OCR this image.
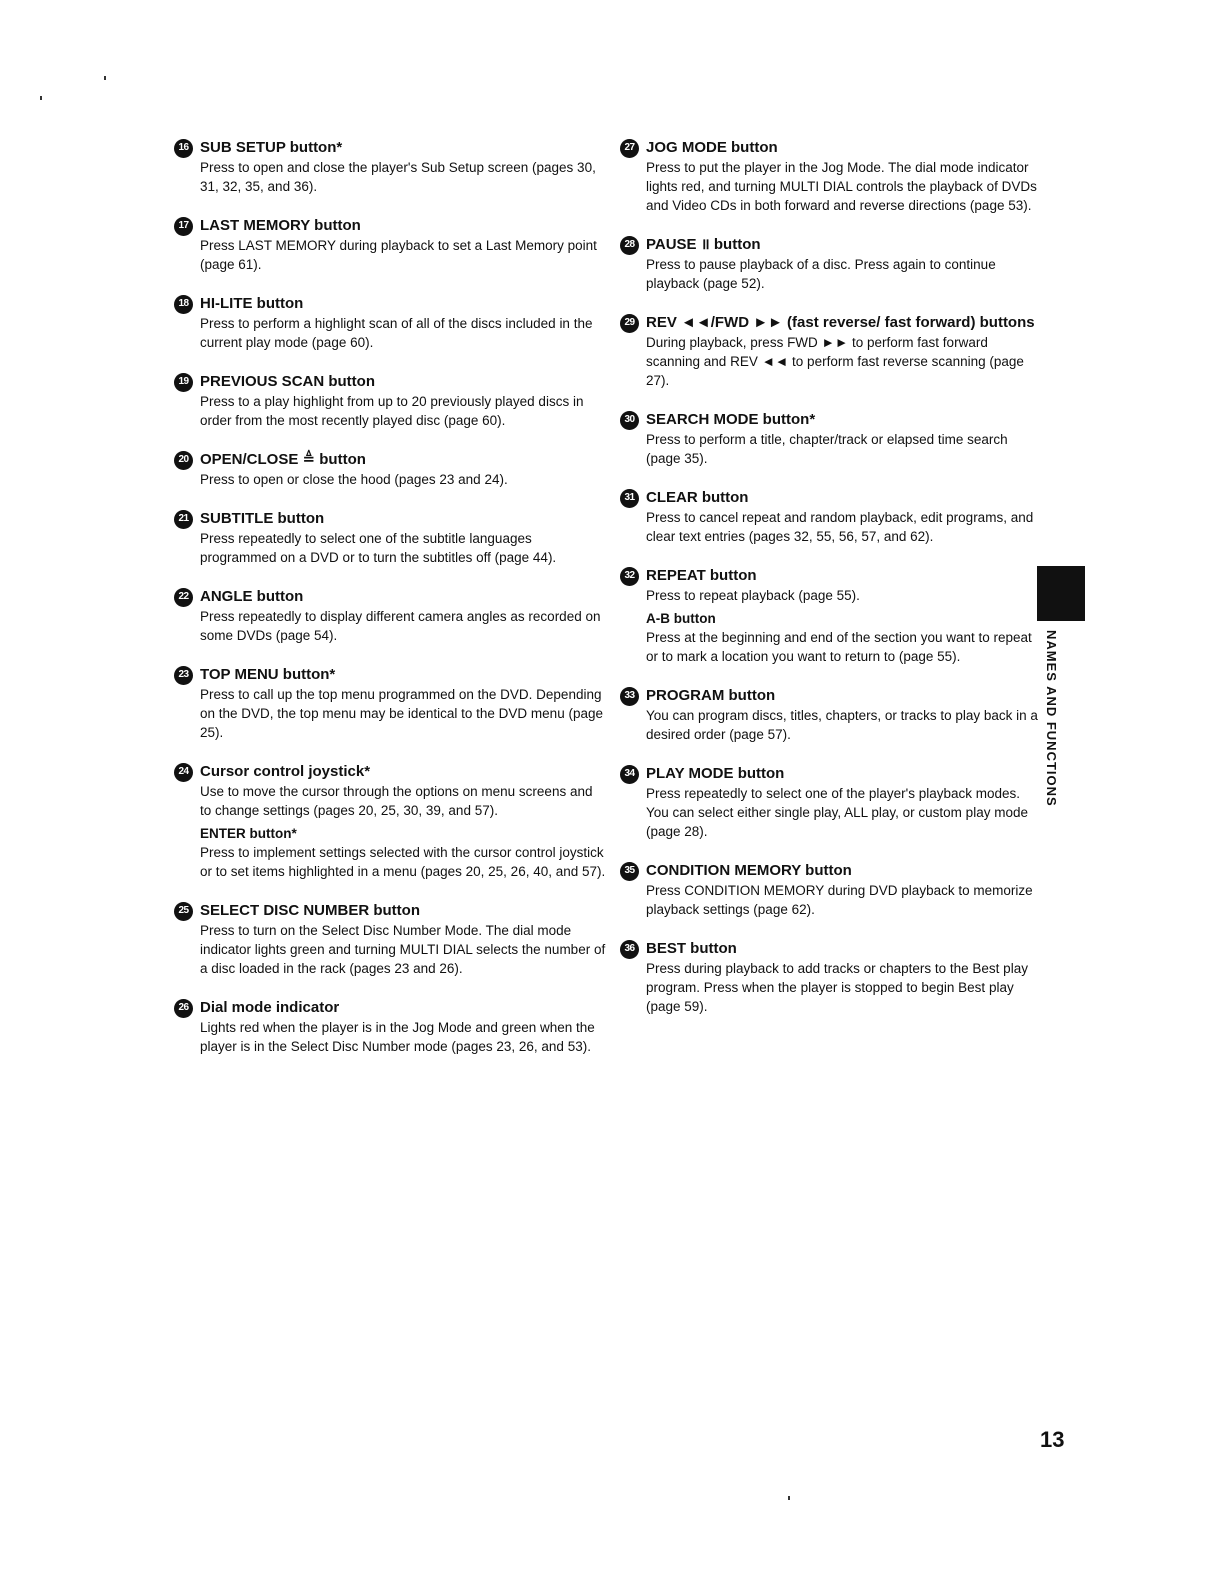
16 SUB SETUP button*
Press to open and close the player's Sub Setup screen (pages 30, 31, 32, 35, and 36).
17 LAST MEMORY button
Press LAST MEMORY during playback to set a Last Memory point (page 61).
18 HI-LITE button
Press to perform a highlight scan of all of the discs included in the current play mode (page 60).
19 PREVIOUS SCAN button
Press to a play highlight from up to 20 previously played discs in order from the most recently played disc (page 60).
20 OPEN/CLOSE ≜ button
Press to open or close the hood (pages 23 and 24).
21 SUBTITLE button
Press repeatedly to select one of the subtitle languages programmed on a DVD or to turn the subtitles off (page 44).
22 ANGLE button
Press repeatedly to display different camera angles as recorded on some DVDs (page 54).
23 TOP MENU button*
Press to call up the top menu programmed on the DVD. Depending on the DVD, the top menu may be identical to the DVD menu (page 25).
24 Cursor control joystick*
Use to move the cursor through the options on menu screens and to change settings (pages 20, 25, 30, 39, and 57).
ENTER button*
Press to implement settings selected with the cursor control joystick or to set items highlighted in a menu (pages 20, 25, 26, 40, and 57).
25 SELECT DISC NUMBER button
Press to turn on the Select Disc Number Mode. The dial mode indicator lights green and turning MULTI DIAL selects the number of a disc loaded in the rack (pages 23 and 26).
26 Dial mode indicator
Lights red when the player is in the Jog Mode and green when the player is in the Select Disc Number mode (pages 23, 26, and 53).
27 JOG MODE button
Press to put the player in the Jog Mode. The dial mode indicator lights red, and turning MULTI DIAL controls the playback of DVDs and Video CDs in both forward and reverse directions (page 53).
28 PAUSE ॥ button
Press to pause playback of a disc. Press again to continue playback (page 52).
29 REV ◄◄/FWD ►► (fast reverse/ fast forward) buttons
During playback, press FWD ►► to perform fast forward scanning and REV ◄◄ to perform fast reverse scanning (page 27).
30 SEARCH MODE button*
Press to perform a title, chapter/track or elapsed time search (page 35).
31 CLEAR button
Press to cancel repeat and random playback, edit programs, and clear text entries (pages 32, 55, 56, 57, and 62).
32 REPEAT button
Press to repeat playback (page 55).
A-B button
Press at the beginning and end of the section you want to repeat or to mark a location you want to return to (page 55).
33 PROGRAM button
You can program discs, titles, chapters, or tracks to play back in a desired order (page 57).
34 PLAY MODE button
Press repeatedly to select one of the player's playback modes. You can select either single play, ALL play, or custom play mode (page 28).
35 CONDITION MEMORY button
Press CONDITION MEMORY during DVD playback to memorize playback settings (page 62).
36 BEST button
Press during playback to add tracks or chapters to the Best play program. Press when the player is stopped to begin Best play (page 59).
NAMES AND FUNCTIONS
13
